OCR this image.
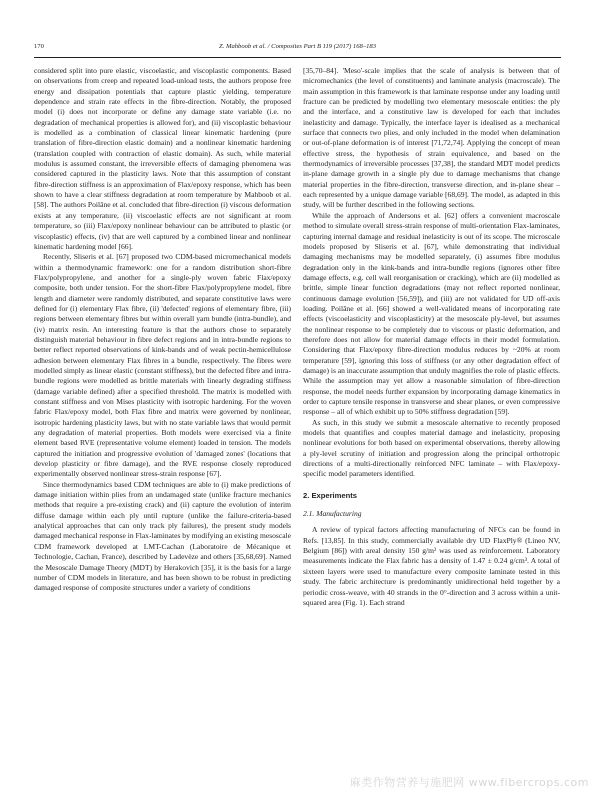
170	Z. Mahboob et al. / Composites Part B 119 (2017) 168–183

considered split into pure elastic, viscoelastic, and viscoplastic components. Based on observations from creep and repeated load-unload tests, the authors propose free energy and dissipation potentials that capture plastic yielding, temperature dependence and strain rate effects in the fibre-direction. Notably, the proposed model (i) does not incorporate or define any damage state variable (i.e. no degradation of mechanical properties is allowed for), and (ii) viscoplastic behaviour is modelled as a combination of classical linear kinematic hardening (pure translation of fibre-direction elastic domain) and a nonlinear kinematic hardening (translation coupled with contraction of elastic domain). As such, while material modulus is assumed constant, the irreversible effects of damaging phenomena was considered captured in the plasticity laws. Note that this assumption of constant fibre-direction stiffness is an approximation of Flax/epoxy response, which has been shown to have a clear stiffness degradation at room temperature by Mahboob et al. [58]. The authors Poilâne et al. concluded that fibre-direction (i) viscous deformation exists at any temperature, (ii) viscoelastic effects are not significant at room temperature, so (iii) Flax/epoxy nonlinear behaviour can be attributed to plastic (or viscoplastic) effects, (iv) that are well captured by a combined linear and nonlinear kinematic hardening model [66].

Recently, Sliseris et al. [67] proposed two CDM-based micromechanical models within a thermodynamic framework: one for a random distribution short-fibre Flax/polypropylene, and another for a single-ply woven fabric Flax/epoxy composite, both under tension. For the short-fibre Flax/polypropylene model, fibre length and diameter were randomly distributed, and separate constitutive laws were defined for (i) elementary Flax fibre, (ii) 'defected' regions of elementary fibre, (iii) regions between elementary fibres but within overall yarn bundle (intra-bundle), and (iv) matrix resin. An interesting feature is that the authors chose to separately distinguish material behaviour in fibre defect regions and in intra-bundle regions to better reflect reported observations of kink-bands and of weak pectin-hemicellulose adhesion between elementary Flax fibres in a bundle, respectively. The fibres were modelled simply as linear elastic (constant stiffness), but the defected fibre and intra-bundle regions were modelled as brittle materials with linearly degrading stiffness (damage variable defined) after a specified threshold. The matrix is modelled with constant stiffness and von Mises plasticity with isotropic hardening. For the woven fabric Flax/epoxy model, both Flax fibre and matrix were governed by nonlinear, isotropic hardening plasticity laws, but with no state variable laws that would permit any degradation of material properties. Both models were exercised via a finite element based RVE (representative volume element) loaded in tension. The models captured the initiation and progressive evolution of 'damaged zones' (locations that develop plasticity or fibre damage), and the RVE response closely reproduced experimentally observed nonlinear stress-strain response [67].

Since thermodynamics based CDM techniques are able to (i) make predictions of damage initiation within plies from an undamaged state (unlike fracture mechanics methods that require a pre-existing crack) and (ii) capture the evolution of interim diffuse damage within each ply until rupture (unlike the failure-criteria-based analytical approaches that can only track ply failures), the present study models damaged mechanical response in Flax-laminates by modifying an existing mesoscale CDM framework developed at LMT-Cachan (Laboratoire de Mécanique et Technologie, Cachan, France), described by Ladevèze and others [35,68,69]. Named the Mesoscale Damage Theory (MDT) by Herakovich [35], it is the basis for a large number of CDM models in literature, and has been shown to be robust in predicting damaged response of composite structures under a variety of conditions

[35,70–84]. 'Meso'-scale implies that the scale of analysis is between that of micromechanics (the level of constituents) and laminate analysis (macroscale). The main assumption in this framework is that laminate response under any loading until fracture can be predicted by modelling two elementary mesoscale entities: the ply and the interface, and a constitutive law is developed for each that includes inelasticity and damage. Typically, the interface layer is idealised as a mechanical surface that connects two plies, and only included in the model when delamination or out-of-plane deformation is of interest [71,72,74]. Applying the concept of mean effective stress, the hypothesis of strain equivalence, and based on the thermodynamics of irreversible processes [37,38], the standard MDT model predicts in-plane damage growth in a single ply due to damage mechanisms that change material properties in the fibre-direction, transverse direction, and in-plane shear – each represented by a unique damage variable [68,69]. The model, as adapted in this study, will be further described in the following sections.

While the approach of Andersons et al. [62] offers a convenient macroscale method to simulate overall stress-strain response of multi-orientation Flax-laminates, capturing internal damage and residual inelasticity is out of its scope. The microscale models proposed by Sliseris et al. [67], while demonstrating that individual damaging mechanisms may be modelled separately, (i) assumes fibre modulus degradation only in the kink-bands and intra-bundle regions (ignores other fibre damage effects, e.g. cell wall reorganisation or cracking), which are (ii) modelled as brittle, simple linear function degradations (may not reflect reported nonlinear, continuous damage evolution [56,59]), and (iii) are not validated for UD off-axis loading. Poilâne et al. [66] showed a well-validated means of incorporating rate effects (viscoelasticity and viscoplasticity) at the mesoscale ply-level, but assumes the nonlinear response to be completely due to viscous or plastic deformation, and therefore does not allow for material damage effects in their model formulation. Considering that Flax/epoxy fibre-direction modulus reduces by ~20% at room temperature [59], ignoring this loss of stiffness (or any other degradation effect of damage) is an inaccurate assumption that unduly magnifies the role of plastic effects. While the assumption may yet allow a reasonable simulation of fibre-direction response, the model needs further expansion by incorporating damage kinematics in order to capture tensile response in transverse and shear planes, or even compressive response – all of which exhibit up to 50% stiffness degradation [59].

As such, in this study we submit a mesoscale alternative to recently proposed models that quantifies and couples material damage and inelasticity, proposing nonlinear evolutions for both based on experimental observations, thereby allowing a ply-level scrutiny of initiation and progression along the principal orthotropic directions of a multi-directionally reinforced NFC laminate – with Flax/epoxy-specific model parameters identified.

2. Experiments
2.1. Manufacturing

A review of typical factors affecting manufacturing of NFCs can be found in Refs. [13,85]. In this study, commercially available dry UD FlaxPly® (Lineo NV, Belgium [86]) with areal density 150 g/m² was used as reinforcement. Laboratory measurements indicate the Flax fabric has a density of 1.47 ± 0.24 g/cm³. A total of sixteen layers were used to manufacture every composite laminate tested in this study. The fabric architecture is predominantly unidirectional held together by a periodic cross-weave, with 40 strands in the 0°-direction and 3 across within a unit-squared area (Fig. 1). Each strand

麻类作物营养与施肥网 www.fibercrops.com
